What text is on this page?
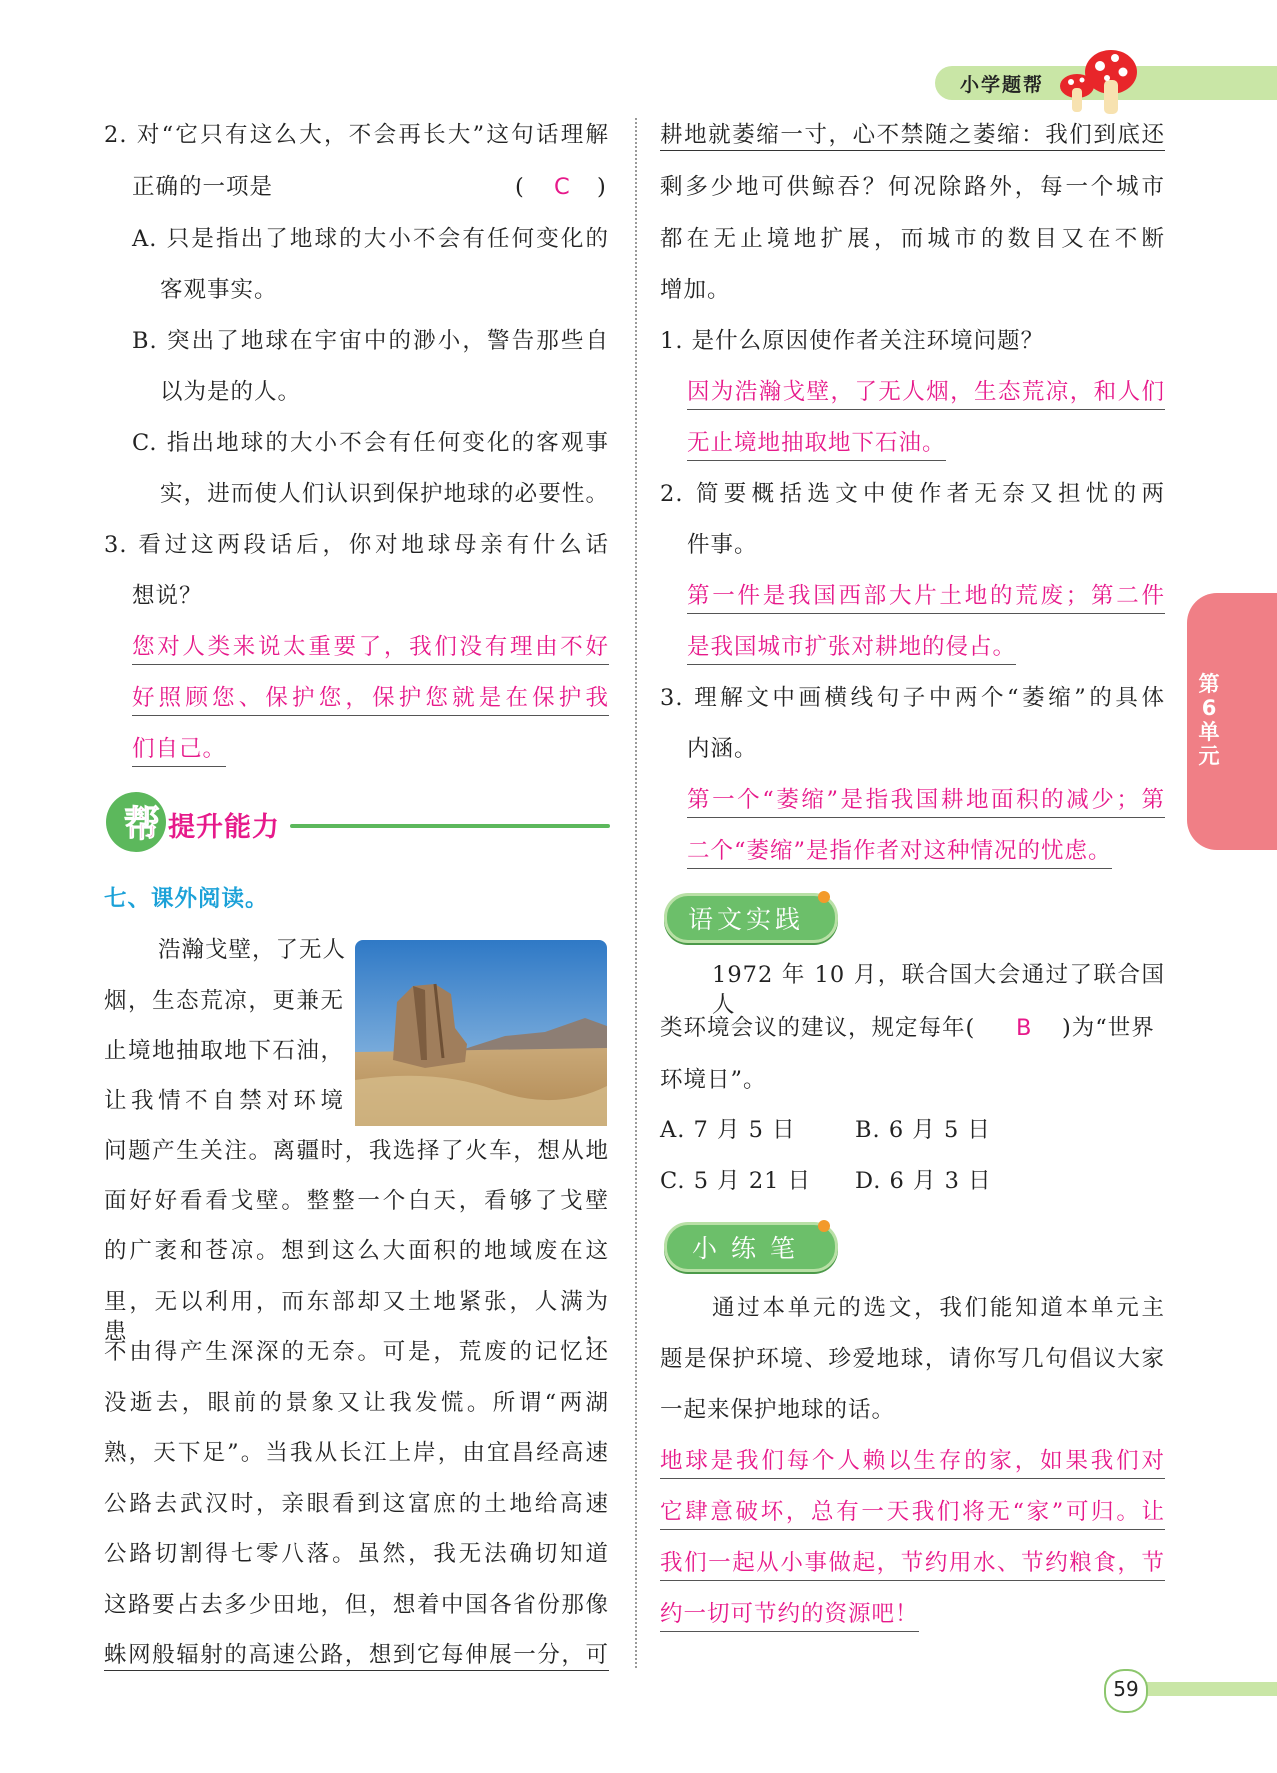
小学题帮
第6单元
2. 对“它只有这么大，不会再长大”这句话理解
正确的一项是	( C )
A. 只是指出了地球的大小不会有任何变化的
客观事实。
B. 突出了地球在宇宙中的渺小，警告那些自
以为是的人。
C. 指出地球的大小不会有任何变化的客观事
实，进而使人们认识到保护地球的必要性。
3. 看过这两段话后，你对地球母亲有什么话
想说？
您对人类来说太重要了，我们没有理由不好
好照顾您、保护您，保护您就是在保护我
们自己。
帮 提升能力
七、课外阅读。
浩瀚戈壁，了无人
烟，生态荒凉，更兼无
止境地抽取地下石油，
让我情不自禁对环境
问题产生关注。离疆时，我选择了火车，想从地
面好好看看戈壁。整整一个白天，看够了戈壁
的广袤和苍凉。想到这么大面积的地域废在这
里，无以利用，而东部却又土地紧张，人满为患，
不由得产生深深的无奈。可是，荒废的记忆还
没逝去，眼前的景象又让我发慌。所谓“两湖
熟，天下足”。当我从长江上岸，由宜昌经高速
公路去武汉时，亲眼看到这富庶的土地给高速
公路切割得七零八落。虽然，我无法确切知道
这路要占去多少田地，但，想着中国各省份那像
蛛网般辐射的高速公路，想到它每伸展一分，可
耕地就萎缩一寸，心不禁随之萎缩：我们到底还
剩多少地可供鲸吞？何况除路外，每一个城市
都在无止境地扩展，而城市的数目又在不断
增加。
1. 是什么原因使作者关注环境问题？
因为浩瀚戈壁，了无人烟，生态荒凉，和人们
无止境地抽取地下石油。
2. 简要概括选文中使作者无奈又担忧的两
件事。
第一件是我国西部大片土地的荒废；第二件
是我国城市扩张对耕地的侵占。
3. 理解文中画横线句子中两个“萎缩”的具体
内涵。
第一个“萎缩”是指我国耕地面积的减少；第
二个“萎缩”是指作者对这种情况的忧虑。
语文实践
1972 年 10 月，联合国大会通过了联合国人
类环境会议的建议，规定每年( B )为“世界
环境日”。
A. 7 月 5 日	B. 6 月 5 日
C. 5 月 21 日 D. 6 月 3 日
小 练 笔
通过本单元的选文，我们能知道本单元主
题是保护环境、珍爱地球，请你写几句倡议大家
一起来保护地球的话。
地球是我们每个人赖以生存的家，如果我们对
它肆意破坏，总有一天我们将无“家”可归。让
我们一起从小事做起，节约用水、节约粮食，节
约一切可节约的资源吧！
59
